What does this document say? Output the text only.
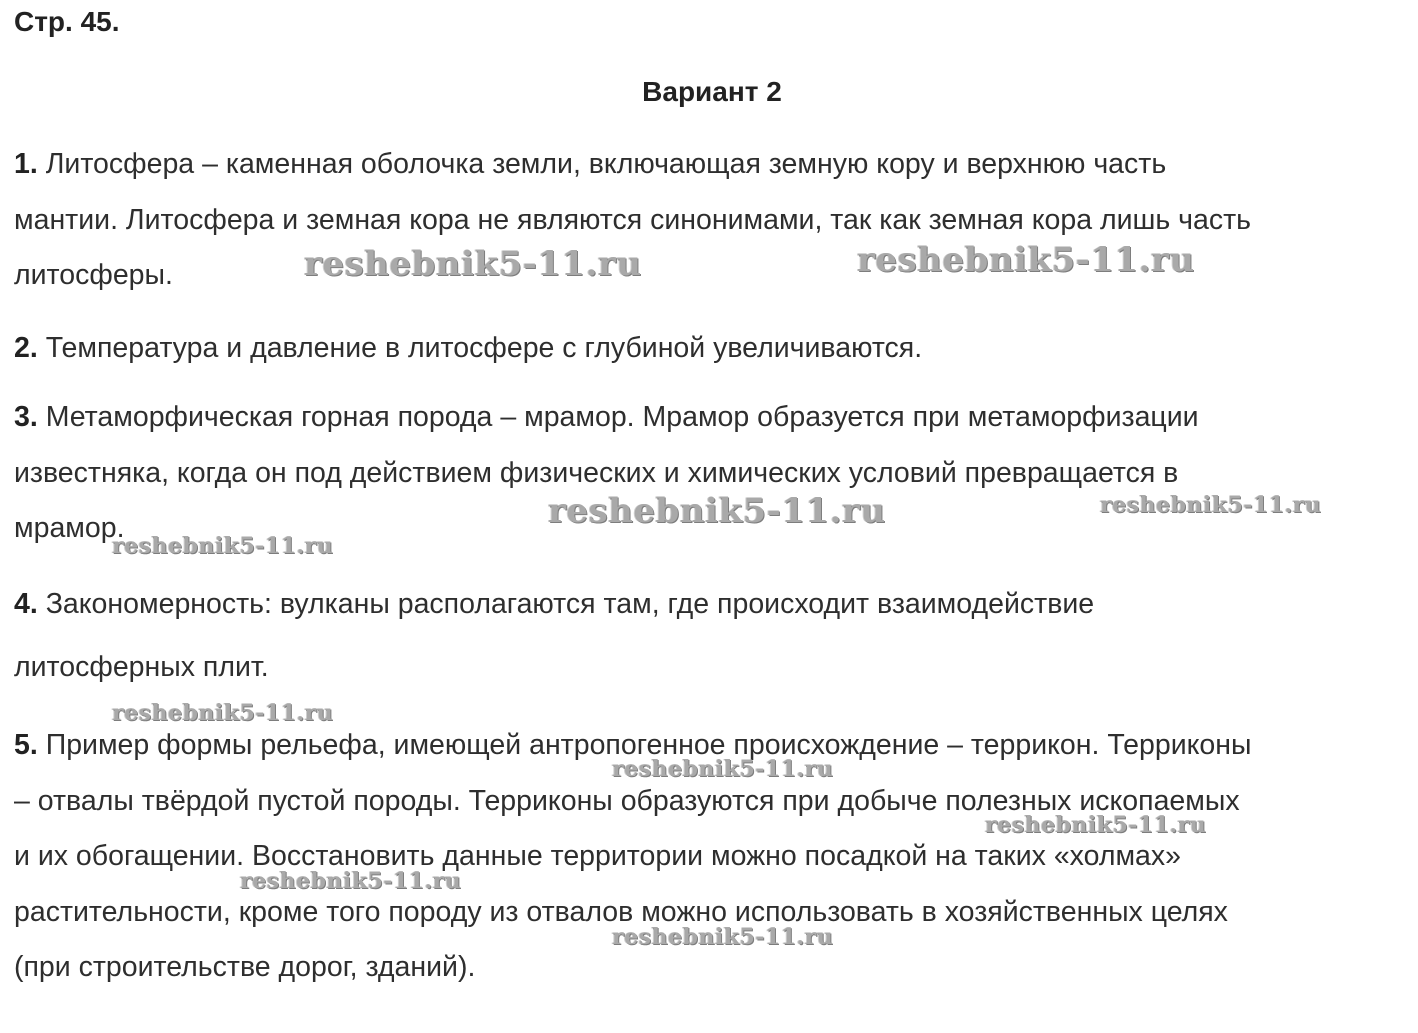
Стр. 45.
Вариант 2
1. Литосфера – каменная оболочка земли, включающая земную кору и верхнюю часть
мантии. Литосфера и земная кора не являются синонимами, так как земная кора лишь часть
литосферы.
2. Температура и давление в литосфере с глубиной увеличиваются.
3. Метаморфическая горная порода – мрамор. Мрамор образуется при метаморфизации
известняка, когда он под действием физических и химических условий превращается в
мрамор.
4. Закономерность: вулканы располагаются там, где происходит взаимодействие
литосферных плит.
5. Пример формы рельефа, имеющей антропогенное происхождение – террикон. Терриконы
– отвалы твёрдой пустой породы. Терриконы образуются при добыче полезных ископаемых
и их обогащении. Восстановить данные территории можно посадкой на таких «холмах»
растительности, кроме того породу из отвалов можно использовать в хозяйственных целях
(при строительстве дорог, зданий).
reshebnik5-11.ru	reshebnik5-11.ru
reshebnik5-11.ru	reshebnik5-11.ru
reshebnik5-11.ru
reshebnik5-11.ru
reshebnik5-11.ru
reshebnik5-11.ru
reshebnik5-11.ru
reshebnik5-11.ru
